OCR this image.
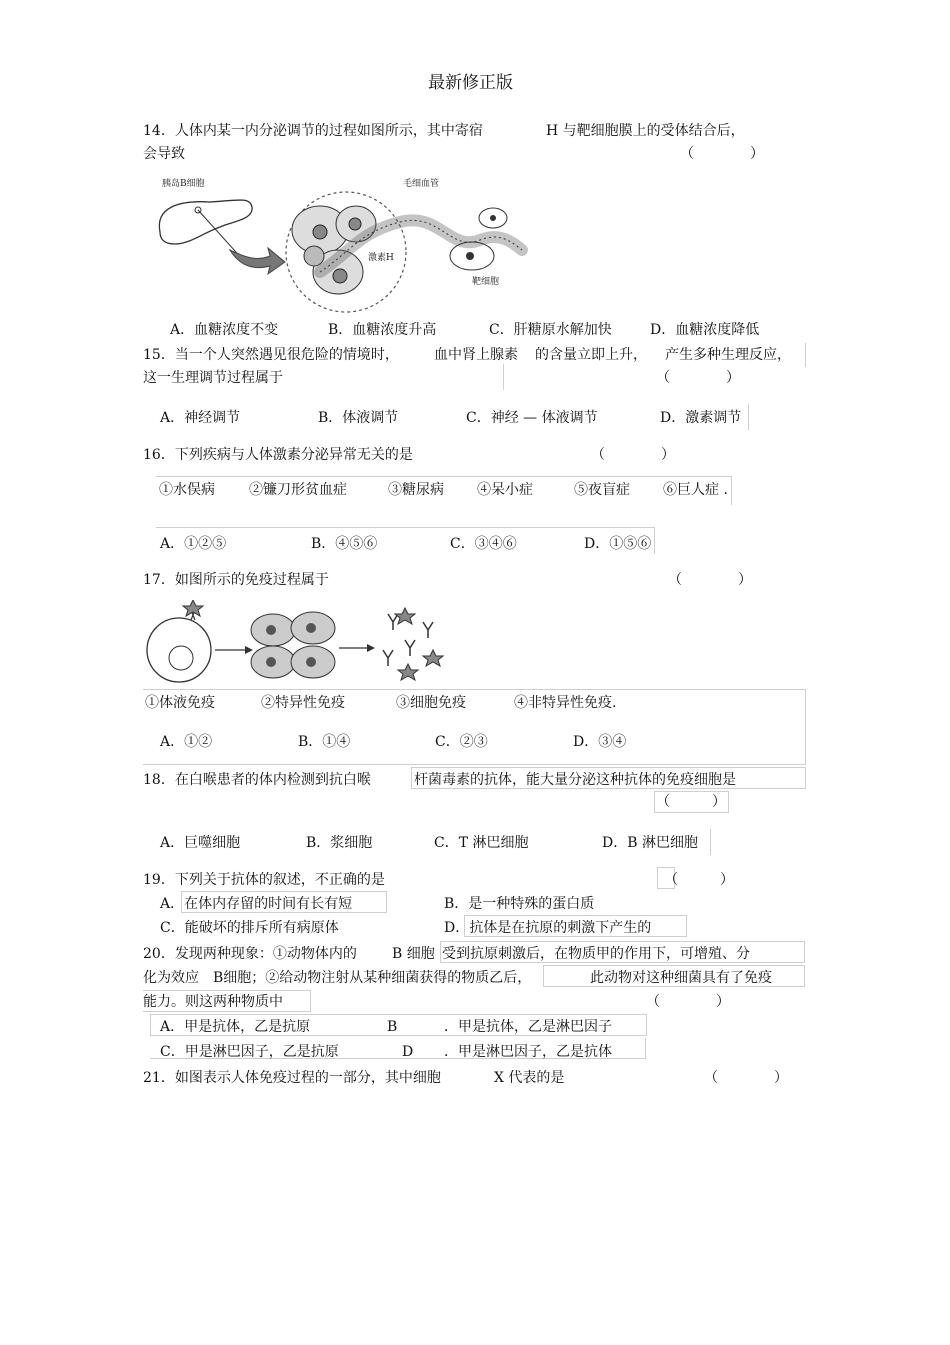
最新修正版
14．人体内某一内分泌调节的过程如图所示，其中寄宿	H 与靶细胞膜上的受体结合后，
会导致	（　　　　）
胰岛B细胞	毛细血管
激素H
靶细胞
A．血糖浓度不变	B．血糖浓度升高	C．肝糖原水解加快	D．血糖浓度降低
15．当一个人突然遇见很危险的情境时，	血中肾上腺素 的含量立即上升， 产生多种生理反应，
这一生理调节过程属于	（　　　　）
A．神经调节	B．体液调节	C．神经 — 体液调节	D．激素调节
16．下列疾病与人体激素分泌异常无关的是	（　　　　）
①水俣病 ②镰刀形贫血症	③糖尿病 ④呆小症	⑤夜盲症 ⑥巨人症 .
A．①②⑤	B．④⑤⑥	C．③④⑥	D．①⑤⑥
17．如图所示的免疫过程属于	（　　　　）
①体液免疫	②特异性免疫	③细胞免疫	④非特异性免疫.
A．①②	B．①④	C．②③	D．③④
18．在白喉患者的体内检测到抗白喉	杆菌毒素的抗体，能大量分泌这种抗体的免疫细胞是
（　　　）
A．巨噬细胞	B．浆细胞	C．T 淋巴细胞	D．B 淋巴细胞
19．下列关于抗体的叙述，不正确的是	（　　　）
A．在体内存留的时间有长有短	B．是一种特殊的蛋白质
C．能破坏的排斥所有病原体	D．抗体是在抗原的刺激下产生的
20．发现两种现象：①动物体内的	B 细胞 受到抗原刺激后，在物质甲的作用下，可增殖、分
化为效应　B细胞；②给动物注射从某种细菌获得的物质乙后，	此动物对这种细菌具有了免疫
能力。则这两种物质中	（　　　　）
A．甲是抗体，乙是抗原	B	．甲是抗体，乙是淋巴因子
C．甲是淋巴因子，乙是抗原	D ．甲是淋巴因子，乙是抗体
21．如图表示人体免疫过程的一部分，其中细胞	X 代表的是	（　　　　）
